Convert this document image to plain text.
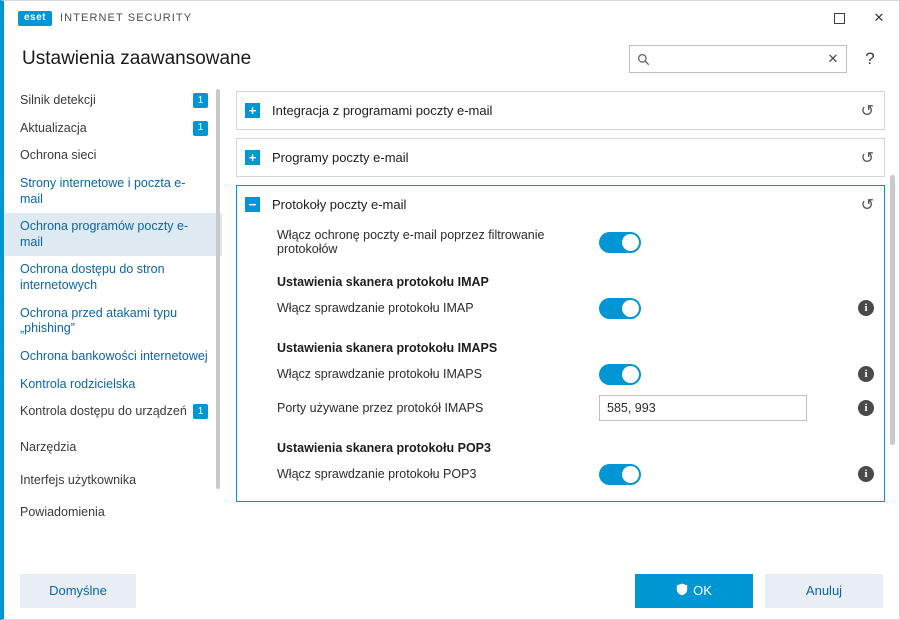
eset	INTERNET SECURITY	✕
Ustawienia zaawansowane	✕	?
Silnik detekcji	1
Aktualizacja	1
Ochrona sieci
Strony internetowe i poczta e-mail
Ochrona programów poczty e-mail
Ochrona dostępu do stron internetowych
Ochrona przed atakami typu „phishing”
Ochrona bankowości internetowej
Kontrola rodzicielska
Kontrola dostępu do urządzeń	1
Narzędzia
Interfejs użytkownika
Powiadomienia
+ Integracja z programami poczty e-mail	↺
+ Programy poczty e-mail	↺
− Protokoły poczty e-mail	↺
Włącz ochronę poczty e-mail poprzez filtrowanie protokołów
Ustawienia skanera protokołu IMAP
Włącz sprawdzanie protokołu IMAP	i
Ustawienia skanera protokołu IMAPS
Włącz sprawdzanie protokołu IMAPS	i
Porty używane przez protokół IMAPS
585, 993	i
Ustawienia skanera protokołu POP3
Włącz sprawdzanie protokołu POP3	i
Domyślne	OK	Anuluj
